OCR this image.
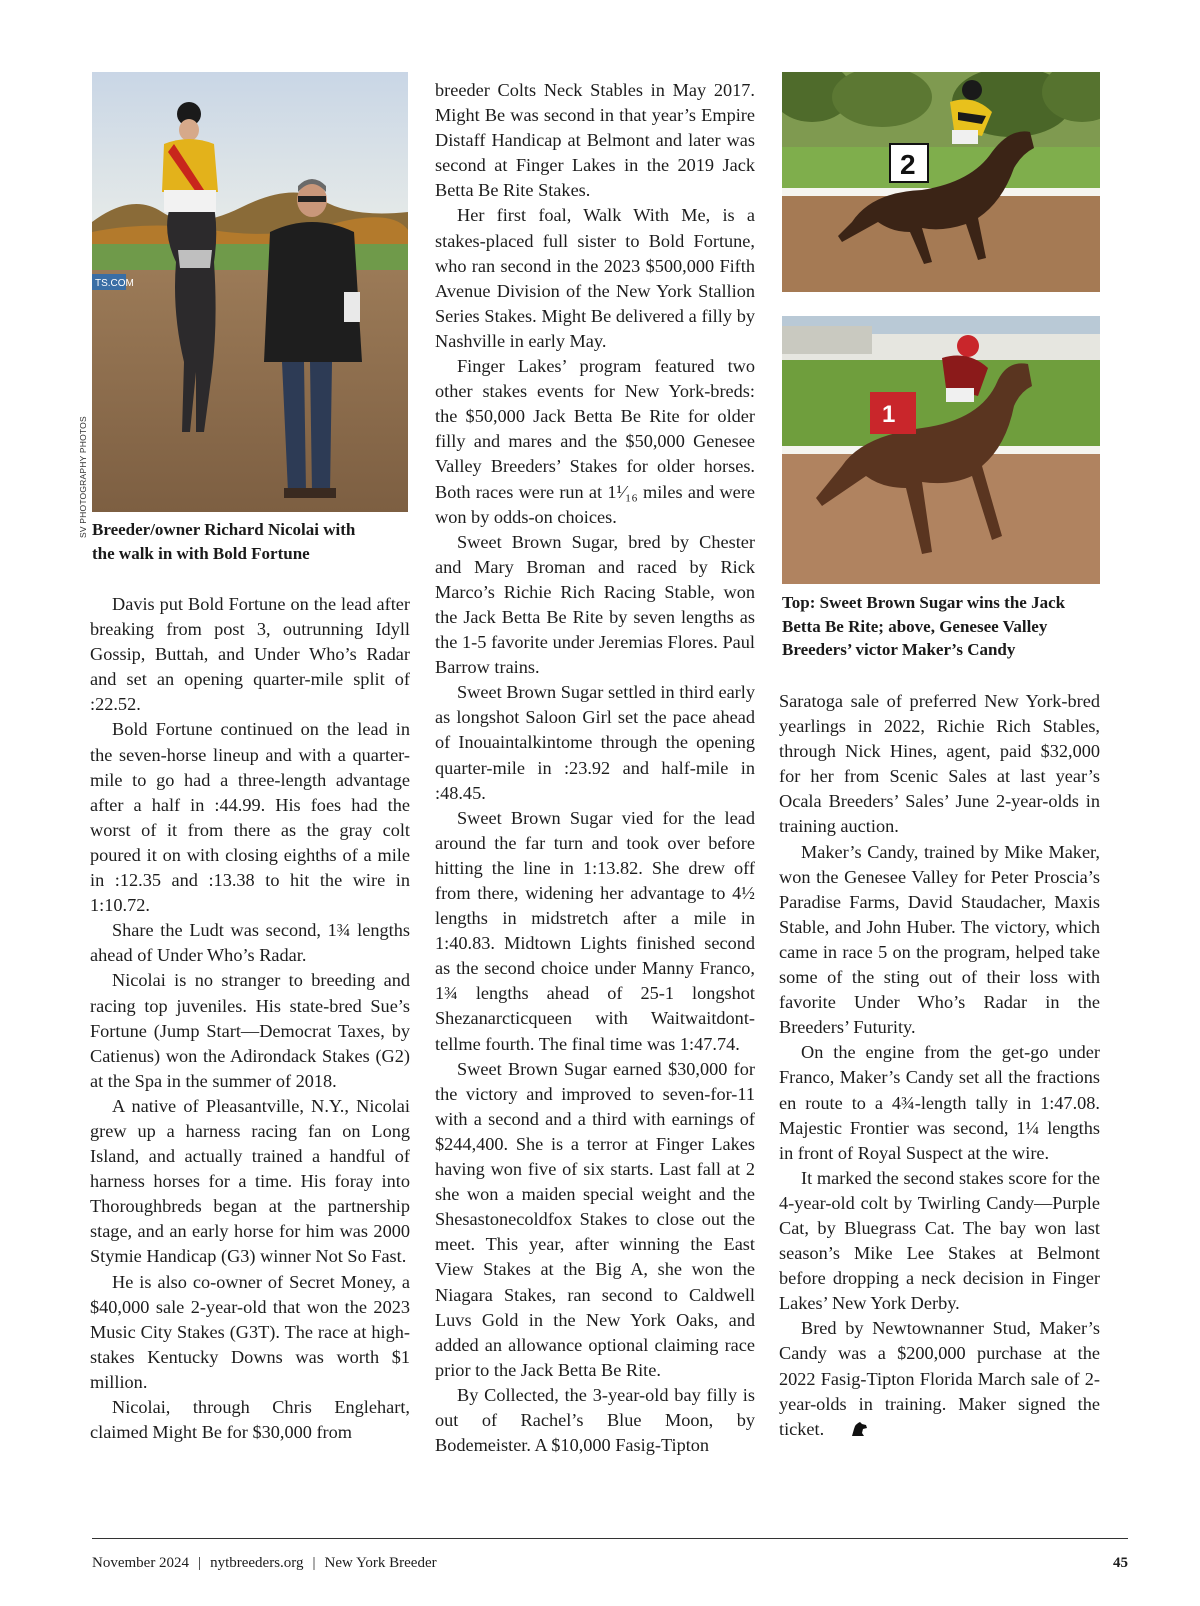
TS.COM
SV PHOTOGRAPHY PHOTOS Breeder/owner Richard Nicolai with
the walk in with Bold Fortune
2
1
Top: Sweet Brown Sugar wins the Jack
Betta Be Rite; above, Genesee Valley
Breeders’ victor Maker’s Candy

Davis put Bold Fortune on the lead after breaking from post 3, outrunning Idyll Gossip, Buttah, and Under Who’s Radar and set an opening quarter-mile split of :22.52.

Bold Fortune continued on the lead in the seven-horse lineup and with a quarter-mile to go had a three-length advantage after a half in :44.99. His foes had the worst of it from there as the gray colt poured it on with closing eighths of a mile in :12.35 and :13.38 to hit the wire in 1:10.72.

Share the Ludt was second, 1¾ lengths ahead of Under Who’s Radar.

Nicolai is no stranger to breeding and racing top juveniles. His state-bred Sue’s Fortune (Jump Start—Democrat Taxes, by Catienus) won the Adirondack Stakes (G2) at the Spa in the summer of 2018.

A native of Pleasantville, N.Y., Nicolai grew up a harness racing fan on Long Island, and actually trained a handful of harness horses for a time. His foray into Thoroughbreds began at the partnership stage, and an early horse for him was 2000 Stymie Handicap (G3) winner Not So Fast.

He is also co-owner of Secret Money, a $40,000 sale 2-year-old that won the 2023 Music City Stakes (G3T). The race at high-stakes Kentucky Downs was worth $1 million.

Nicolai, through Chris Englehart, claimed Might Be for $30,000 from

breeder Colts Neck Stables in May 2017. Might Be was second in that year’s Empire Distaff Handicap at Belmont and later was second at Finger Lakes in the 2019 Jack Betta Be Rite Stakes.

Her first foal, Walk With Me, is a stakes-placed full sister to Bold Fortune, who ran second in the 2023 $500,000 Fifth Avenue Division of the New York Stallion Series Stakes. Might Be delivered a filly by Nashville in early May.

Finger Lakes’ program featured two other stakes events for New York-breds: the $50,000 Jack Betta Be Rite for older filly and mares and the $50,000 Genesee Valley Breeders’ Stakes for older horses. Both races were run at 1¹⁄₁₆ miles and were won by odds-on choices.

Sweet Brown Sugar, bred by Chester and Mary Broman and raced by Rick Marco’s Richie Rich Racing Stable, won the Jack Betta Be Rite by seven lengths as the 1-5 favorite under Jeremias Flores. Paul Barrow trains.

Sweet Brown Sugar settled in third early as longshot Saloon Girl set the pace ahead of Inouaintalkintome through the opening quarter-mile in :23.92 and half-mile in :48.45.

Sweet Brown Sugar vied for the lead around the far turn and took over before hitting the line in 1:13.82. She drew off from there, widening her advantage to 4½ lengths in midstretch after a mile in 1:40.83. Midtown Lights finished second as the second choice under Manny Franco, 1¾ lengths ahead of 25-1 longshot Shezanarcticqueen with Waitwaitdonttellme fourth. The final time was 1:47.74.

Sweet Brown Sugar earned $30,000 for the victory and improved to seven-for-11 with a second and a third with earnings of $244,400. She is a terror at Finger Lakes having won five of six starts. Last fall at 2 she won a maiden special weight and the Shesastonecoldfox Stakes to close out the meet. This year, after winning the East View Stakes at the Big A, she won the Niagara Stakes, ran second to Caldwell Luvs Gold in the New York Oaks, and added an allowance optional claiming race prior to the Jack Betta Be Rite.

By Collected, the 3-year-old bay filly is out of Rachel’s Blue Moon, by Bodemeister. A $10,000 Fasig-Tipton

Saratoga sale of preferred New York-bred yearlings in 2022, Richie Rich Stables, through Nick Hines, agent, paid $32,000 for her from Scenic Sales at last year’s Ocala Breeders’ Sales’ June 2-year-olds in training auction.

Maker’s Candy, trained by Mike Maker, won the Genesee Valley for Peter Proscia’s Paradise Farms, David Staudacher, Maxis Stable, and John Huber. The victory, which came in race 5 on the program, helped take some of the sting out of their loss with favorite Under Who’s Radar in the Breeders’ Futurity.

On the engine from the get-go under Franco, Maker’s Candy set all the fractions en route to a 4¾-length tally in 1:47.08. Majestic Frontier was second, 1¼ lengths in front of Royal Suspect at the wire.

It marked the second stakes score for the 4-year-old colt by Twirling Candy—Purple Cat, by Bluegrass Cat. The bay won last season’s Mike Lee Stakes at Belmont before dropping a neck decision in Finger Lakes’ New York Derby.

Bred by Newtownanner Stud, Maker’s Candy was a $200,000 purchase at the 2022 Fasig-Tipton Florida March sale of 2-year-olds in training. Maker signed the ticket.

November 2024 | nytbreeders.org | New York Breeder	45
